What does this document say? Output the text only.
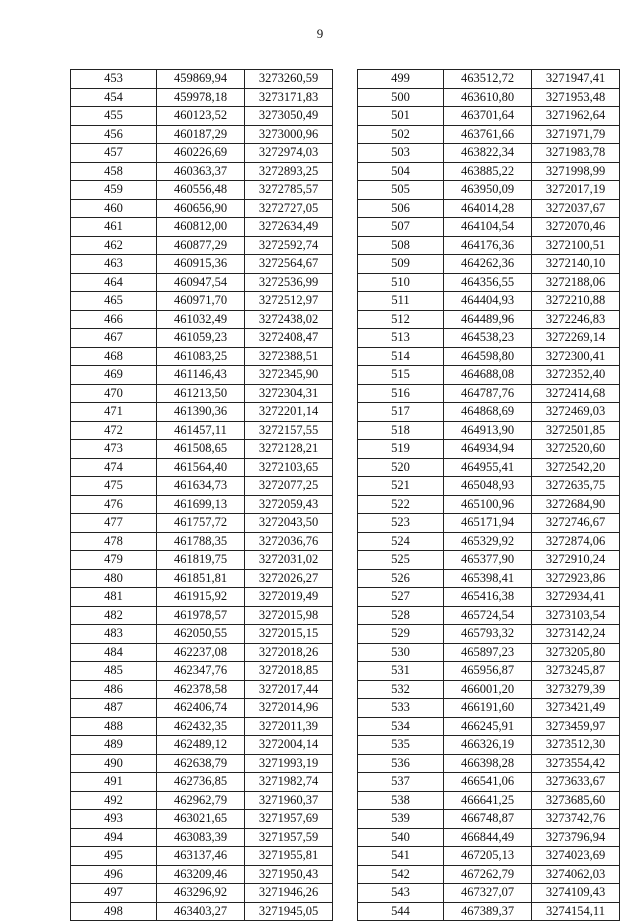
9
453	459869,94	3273260,59
454	459978,18	3273171,83
455	460123,52	3273050,49
456	460187,29	3273000,96
457	460226,69	3272974,03
458	460363,37	3272893,25
459	460556,48	3272785,57
460	460656,90	3272727,05
461	460812,00	3272634,49
462	460877,29	3272592,74
463	460915,36	3272564,67
464	460947,54	3272536,99
465	460971,70	3272512,97
466	461032,49	3272438,02
467	461059,23	3272408,47
468	461083,25	3272388,51
469	461146,43	3272345,90
470	461213,50	3272304,31
471	461390,36	3272201,14
472	461457,11	3272157,55
473	461508,65	3272128,21
474	461564,40	3272103,65
475	461634,73	3272077,25
476	461699,13	3272059,43
477	461757,72	3272043,50
478	461788,35	3272036,76
479	461819,75	3272031,02
480	461851,81	3272026,27
481	461915,92	3272019,49
482	461978,57	3272015,98
483	462050,55	3272015,15
484	462237,08	3272018,26
485	462347,76	3272018,85
486	462378,58	3272017,44
487	462406,74	3272014,96
488	462432,35	3272011,39
489	462489,12	3272004,14
490	462638,79	3271993,19
491	462736,85	3271982,74
492	462962,79	3271960,37
493	463021,65	3271957,69
494	463083,39	3271957,59
495	463137,46	3271955,81
496	463209,46	3271950,43
497	463296,92	3271946,26
498	463403,27	3271945,05
499	463512,72	3271947,41
500	463610,80	3271953,48
501	463701,64	3271962,64
502	463761,66	3271971,79
503	463822,34	3271983,78
504	463885,22	3271998,99
505	463950,09	3272017,19
506	464014,28	3272037,67
507	464104,54	3272070,46
508	464176,36	3272100,51
509	464262,36	3272140,10
510	464356,55	3272188,06
511	464404,93	3272210,88
512	464489,96	3272246,83
513	464538,23	3272269,14
514	464598,80	3272300,41
515	464688,08	3272352,40
516	464787,76	3272414,68
517	464868,69	3272469,03
518	464913,90	3272501,85
519	464934,94	3272520,60
520	464955,41	3272542,20
521	465048,93	3272635,75
522	465100,96	3272684,90
523	465171,94	3272746,67
524	465329,92	3272874,06
525	465377,90	3272910,24
526	465398,41	3272923,86
527	465416,38	3272934,41
528	465724,54	3273103,54
529	465793,32	3273142,24
530	465897,23	3273205,80
531	465956,87	3273245,87
532	466001,20	3273279,39
533	466191,60	3273421,49
534	466245,91	3273459,97
535	466326,19	3273512,30
536	466398,28	3273554,42
537	466541,06	3273633,67
538	466641,25	3273685,60
539	466748,87	3273742,76
540	466844,49	3273796,94
541	467205,13	3274023,69
542	467262,79	3274062,03
543	467327,07	3274109,43
544	467389,37	3274154,11
